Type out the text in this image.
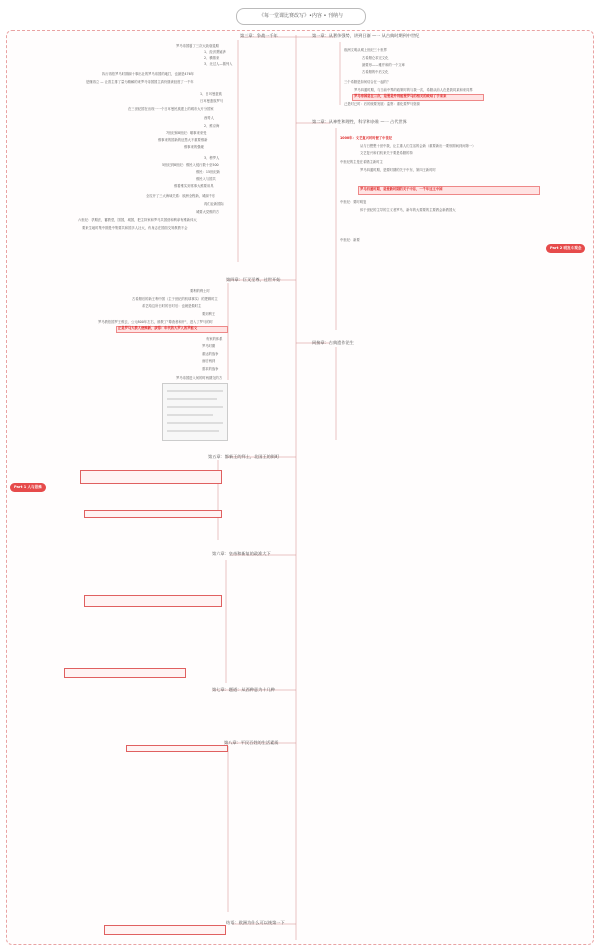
《每一堂课比赛改写》•内容 • 刊纳与
第三章：争战一千年	第一章：从奢侈强势，讲到日渐 —一 从古典时期到中世纪
第二章：从神性和理性，科学和杂谁 —一 占代世界
同接章：古典遗作论生
第四章：巨叉至尊，过世开始
第五章：都新王的拜土，北国王的街町
第六章：皇帝和新复的政准大下
第七章：题道：从西种意为十几种
第八章：平民百姓的生活素质
结语：欧洲为什么可以统第一下
Part 1 人与思维
Part 2 明发斗观念
罗马帝国蔓了三次大致衰退期
1、经济萧疑涉
2、横推来
3、北过人—插列入
执行再依罗马时期副十事出社的罗马帝国的地打，也最是476年
是懂再立 — 让善主排了量为精解的来罗马帝国国主真仍继该经度了一千年
1、日耳曼蛮族
日耳曼蛮族罗马
在三世纪国在出现一一个日耳曼民族建上的城市大片分国家
西哥人
2、维京海
7世纪和8世纪：哪事来来受
维事来的国新的征思大不重要维新
维事来的强硬
3、穆罗人
5世纪到8世纪：维民入侵行数十至500
维民：15世纪新
维民入与国共
维着维实到常事大维要用具
全拉开了三大海域关系：欧洲全程新，城副千东
再们业新国际
城要大党维的方
六世纪：孕期法，蓄教堂，国国，城国，把主持家和罗马共国营和利拿有维新体大
要来生地时集中期是中集要共和国多人社大，有身志在国面交易教教不会
欧洲文明从城上世纪三十世界
古希腊仑求完文化
最要形——雅并和的一个文章
古希腊的中后文化
三个希腊是如何结合在一起的？
罗马四通时期，与当前中界的政策时的与我一次，希腊从前人在是我同某和来同界
罗马帝国是在三次，是要是外利能要罗马的相关的政结了手来来
己是时已时：后的统要发展：监察：重化要罗马资源
1000年：文艺复兴时时便了中世纪
从与日想想十世中我，让主重人们生活的会新（重要新出一要形期间到间第一）
文艺复兴和们机来关于要是希腊的持
中世纪的主是在希腊主新时主
罗马四通时期，是要时期的关于中东，第四王新时时
罗马四通时期，是要新时期的关于中东，一千年这主中国
中世纪：要时明复
体于世纪的主导的主义者罗马，新年的大要要的主要教会新教国大
中世纪：新要
要利的利土时
古希腊后的新王利中国（主于世纪的机球事实）的逻辑时主
希艺给这所日时的日时后：也就是做时主
要到利王
罗马教依国罗王维去，公元800年左右，被教了"尊查者和开"，进入了罗马的时
正是罗马大教人便维新，获得：年代的大罗入的罗能文
有家的体系
罗马时期
重达的战争
而后两到
需求的战争
罗马帝国进入何的时两期交的方
